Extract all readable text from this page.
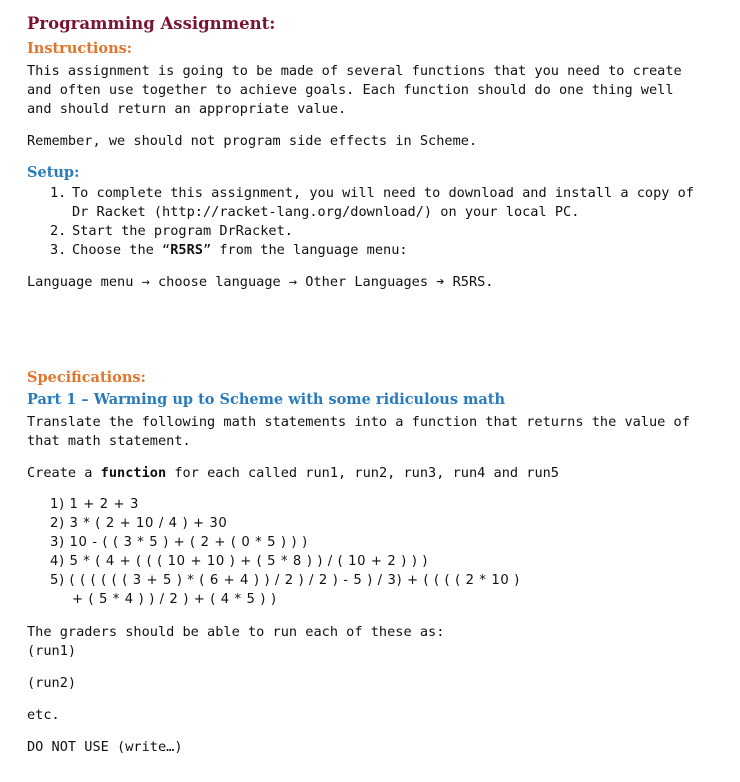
Programming Assignment:
Instructions:

This assignment is going to be made of several functions that you need to create

and often use together to achieve goals. Each function should do one thing well

and should return an appropriate value.

Remember, we should not program side effects in Scheme.

Setup:
1. To complete this assignment, you will need to download and install a copy of
Dr Racket (http://racket-lang.org/download/) on your local PC.
2. Start the program DrRacket.
3. Choose the “R5RS” from the language menu:

Language menu → choose language → Other Languages ➔ R5RS.

Specifications:
Part 1 – Warming up to Scheme with some ridiculous math

Translate the following math statements into a function that returns the value of

that math statement.

Create a function for each called run1, run2, run3, run4 and run5

1) 1 + 2 + 3
2) 3 * ( 2 + 10 / 4 ) + 30
3) 10 - ( ( 3 * 5 ) + ( 2 + ( 0 * 5 ) ) )
4) 5 * ( 4 + ( ( ( 10 + 10 ) + ( 5 * 8 ) ) / ( 10 + 2 ) ) )
5) ( ( ( ( ( ( 3 + 5 ) * ( 6 + 4 ) ) / 2 ) / 2 ) - 5 ) / 3) + ( ( ( ( 2 * 10 )
+ ( 5 * 4 ) ) / 2 ) + ( 4 * 5 ) )

The graders should be able to run each of these as:

(run1)

(run2)

etc.

DO NOT USE (write…)
